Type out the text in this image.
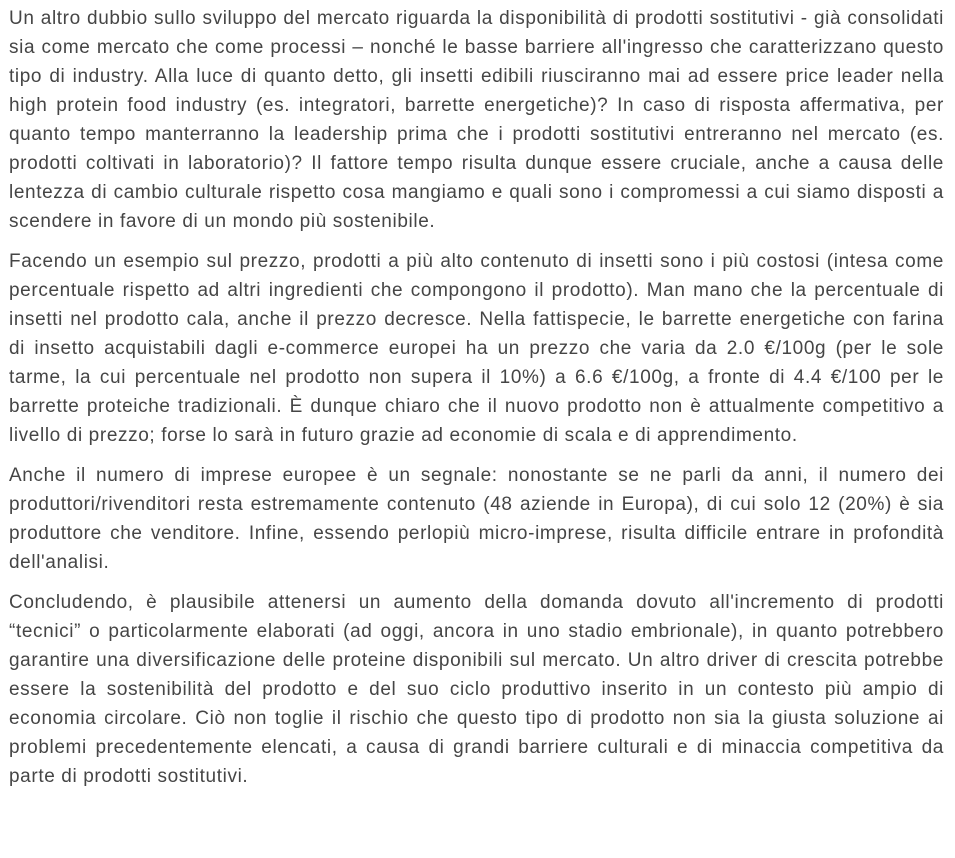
Un altro dubbio sullo sviluppo del mercato riguarda la disponibilità di prodotti sostitutivi - già consolidati sia come mercato che come processi – nonché le basse barriere all'ingresso che caratterizzano questo tipo di industry. Alla luce di quanto detto, gli insetti edibili riusciranno mai ad essere price leader nella high protein food industry (es. integratori, barrette energetiche)? In caso di risposta affermativa, per quanto tempo manterranno la leadership prima che i prodotti sostitutivi entreranno nel mercato (es. prodotti coltivati in laboratorio)? Il fattore tempo risulta dunque essere cruciale, anche a causa delle lentezza di cambio culturale rispetto cosa mangiamo e quali sono i compromessi a cui siamo disposti a scendere in favore di un mondo più sostenibile.

Facendo un esempio sul prezzo, prodotti a più alto contenuto di insetti sono i più costosi (intesa come percentuale rispetto ad altri ingredienti che compongono il prodotto). Man mano che la percentuale di insetti nel prodotto cala, anche il prezzo decresce. Nella fattispecie, le barrette energetiche con farina di insetto acquistabili dagli e-commerce europei ha un prezzo che varia da 2.0 €/100g (per le sole tarme, la cui percentuale nel prodotto non supera il 10%) a 6.6 €/100g, a fronte di 4.4 €/100 per le barrette proteiche tradizionali. È dunque chiaro che il nuovo prodotto non è attualmente competitivo a livello di prezzo; forse lo sarà in futuro grazie ad economie di scala e di apprendimento.

Anche il numero di imprese europee è un segnale: nonostante se ne parli da anni, il numero dei produttori/rivenditori resta estremamente contenuto (48 aziende in Europa), di cui solo 12 (20%) è sia produttore che venditore. Infine, essendo perlopiù micro-imprese, risulta difficile entrare in profondità dell'analisi.

Concludendo, è plausibile attenersi un aumento della domanda dovuto all'incremento di prodotti “tecnici” o particolarmente elaborati (ad oggi, ancora in uno stadio embrionale), in quanto potrebbero garantire una diversificazione delle proteine disponibili sul mercato. Un altro driver di crescita potrebbe essere la sostenibilità del prodotto e del suo ciclo produttivo inserito in un contesto più ampio di economia circolare. Ciò non toglie il rischio che questo tipo di prodotto non sia la giusta soluzione ai problemi precedentemente elencati, a causa di grandi barriere culturali e di minaccia competitiva da parte di prodotti sostitutivi.
